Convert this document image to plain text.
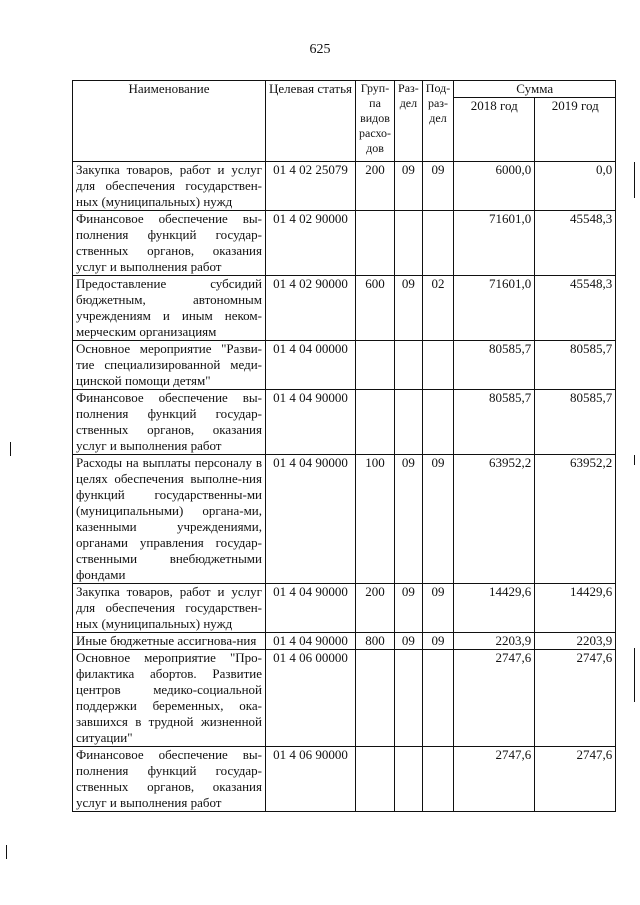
625
Наименование	Целевая статья	Груп-па видов расхо-дов	Раз-дел	Под-раз-дел	Сумма	
					2018 год	2019 год
Закупка товаров, работ и услуг для обеспечения государствен-ных (муниципальных) нужд	01 4 02 25079	200	09	09	6000,0	0,0
Финансовое обеспечение вы-полнения функций государ-ственных органов, оказания услуг и выполнения работ	01 4 02 90000				71601,0	45548,3
Предоставление субсидий бюджетным, автономным учреждениям и иным неком-мерческим организациям	01 4 02 90000	600	09	02	71601,0	45548,3
Основное мероприятие "Разви-тие специализированной меди-цинской помощи детям"	01 4 04 00000				80585,7	80585,7
Финансовое обеспечение вы-полнения функций государ-ственных органов, оказания услуг и выполнения работ	01 4 04 90000				80585,7	80585,7
Расходы на выплаты персоналу в целях обеспечения выполне-ния функций государственны-ми (муниципальными) органа-ми, казенными учреждениями, органами управления государ-ственными внебюджетными фондами	01 4 04 90000	100	09	09	63952,2	63952,2
Закупка товаров, работ и услуг для обеспечения государствен-ных (муниципальных) нужд	01 4 04 90000	200	09	09	14429,6	14429,6
Иные бюджетные ассигнова-ния	01 4 04 90000	800	09	09	2203,9	2203,9
Основное мероприятие "Про-филактика абортов. Развитие центров медико-социальной поддержки беременных, ока-завшихся в трудной жизненной ситуации"	01 4 06 00000				2747,6	2747,6
Финансовое обеспечение вы-полнения функций государ-ственных органов, оказания услуг и выполнения работ	01 4 06 90000				2747,6	2747,6
